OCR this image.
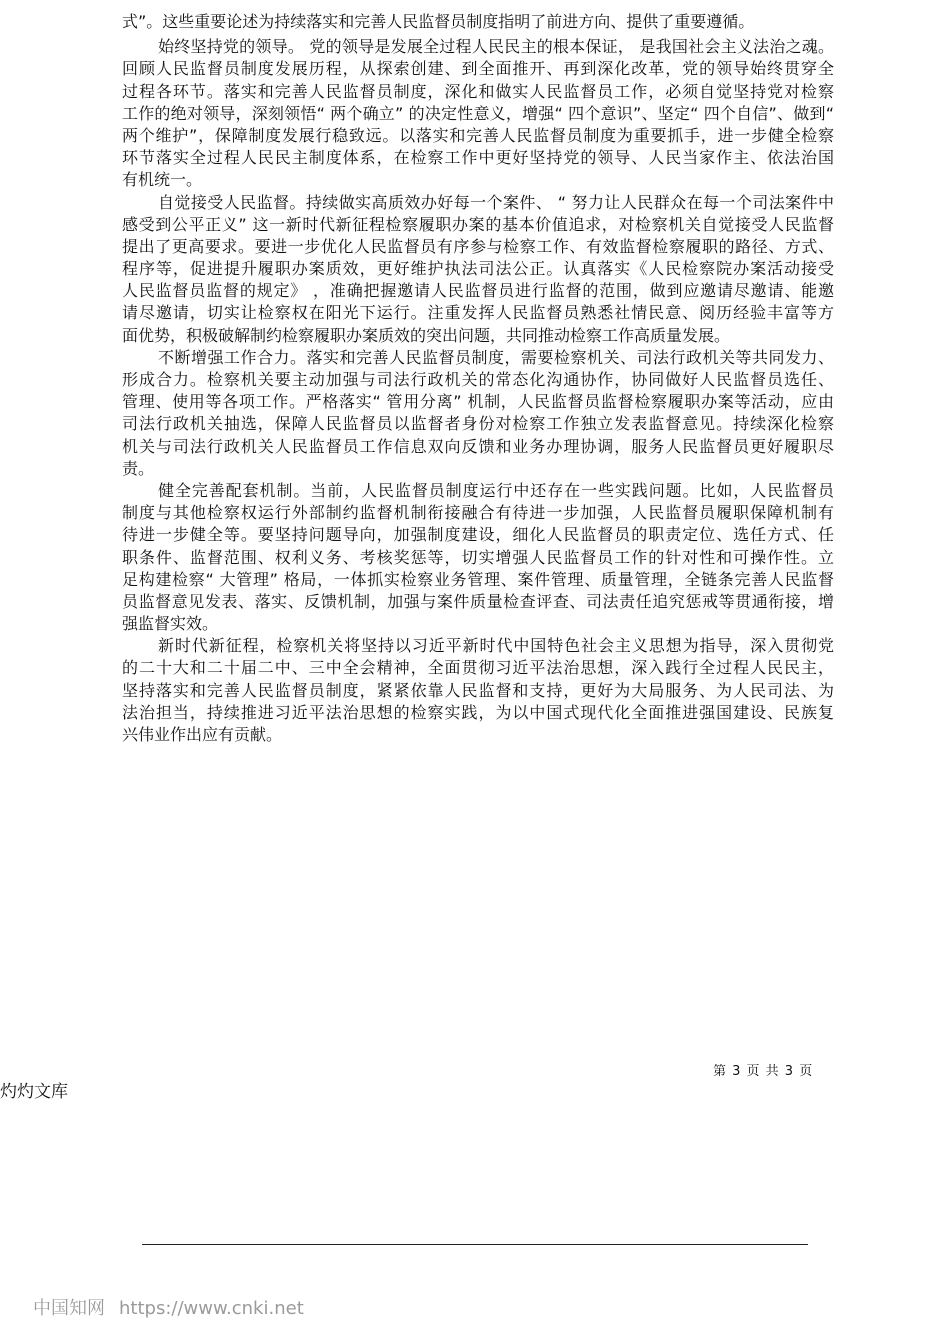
式”。这些重要论述为持续落实和完善人民监督员制度指明了前进方向、提供了重要遵循。
始终坚持党的领导。 党的领导是发展全过程人民民主的根本保证， 是我国社会主义法治之魂。
回顾人民监督员制度发展历程，从探索创建、到全面推开、再到深化改革，党的领导始终贯穿全
过程各环节。落实和完善人民监督员制度，深化和做实人民监督员工作，必须自觉坚持党对检察
工作的绝对领导，深刻领悟“ 两个确立” 的决定性意义，增强“ 四个意识”、坚定“ 四个自信”、做到“
两个维护”，保障制度发展行稳致远。以落实和完善人民监督员制度为重要抓手，进一步健全检察
环节落实全过程人民民主制度体系，在检察工作中更好坚持党的领导、人民当家作主、依法治国
有机统一。
自觉接受人民监督。持续做实高质效办好每一个案件、 “ 努力让人民群众在每一个司法案件中
感受到公平正义” 这一新时代新征程检察履职办案的基本价值追求，对检察机关自觉接受人民监督
提出了更高要求。要进一步优化人民监督员有序参与检察工作、有效监督检察履职的路径、方式、
程序等，促进提升履职办案质效，更好维护执法司法公正。认真落实《人民检察院办案活动接受
人民监督员监督的规定》 ，准确把握邀请人民监督员进行监督的范围，做到应邀请尽邀请、能邀
请尽邀请，切实让检察权在阳光下运行。注重发挥人民监督员熟悉社情民意、阅历经验丰富等方
面优势，积极破解制约检察履职办案质效的突出问题，共同推动检察工作高质量发展。
不断增强工作合力。落实和完善人民监督员制度，需要检察机关、司法行政机关等共同发力、
形成合力。检察机关要主动加强与司法行政机关的常态化沟通协作，协同做好人民监督员选任、
管理、使用等各项工作。严格落实“ 管用分离” 机制，人民监督员监督检察履职办案等活动，应由
司法行政机关抽选，保障人民监督员以监督者身份对检察工作独立发表监督意见。持续深化检察
机关与司法行政机关人民监督员工作信息双向反馈和业务办理协调，服务人民监督员更好履职尽
责。
健全完善配套机制。当前，人民监督员制度运行中还存在一些实践问题。比如，人民监督员
制度与其他检察权运行外部制约监督机制衔接融合有待进一步加强，人民监督员履职保障机制有
待进一步健全等。要坚持问题导向，加强制度建设，细化人民监督员的职责定位、选任方式、任
职条件、监督范围、权利义务、考核奖惩等，切实增强人民监督员工作的针对性和可操作性。立
足构建检察“ 大管理” 格局，一体抓实检察业务管理、案件管理、质量管理，全链条完善人民监督
员监督意见发表、落实、反馈机制，加强与案件质量检查评查、司法责任追究惩戒等贯通衔接，增
强监督实效。
新时代新征程，检察机关将坚持以习近平新时代中国特色社会主义思想为指导，深入贯彻党
的二十大和二十届二中、三中全会精神，全面贯彻习近平法治思想，深入践行全过程人民民主，
坚持落实和完善人民监督员制度，紧紧依靠人民监督和支持，更好为大局服务、为人民司法、为
法治担当，持续推进习近平法治思想的检察实践，为以中国式现代化全面推进强国建设、民族复
兴伟业作出应有贡献。
第 3 页 共 3 页
灼灼文库
中国知网 https://www.cnki.net
